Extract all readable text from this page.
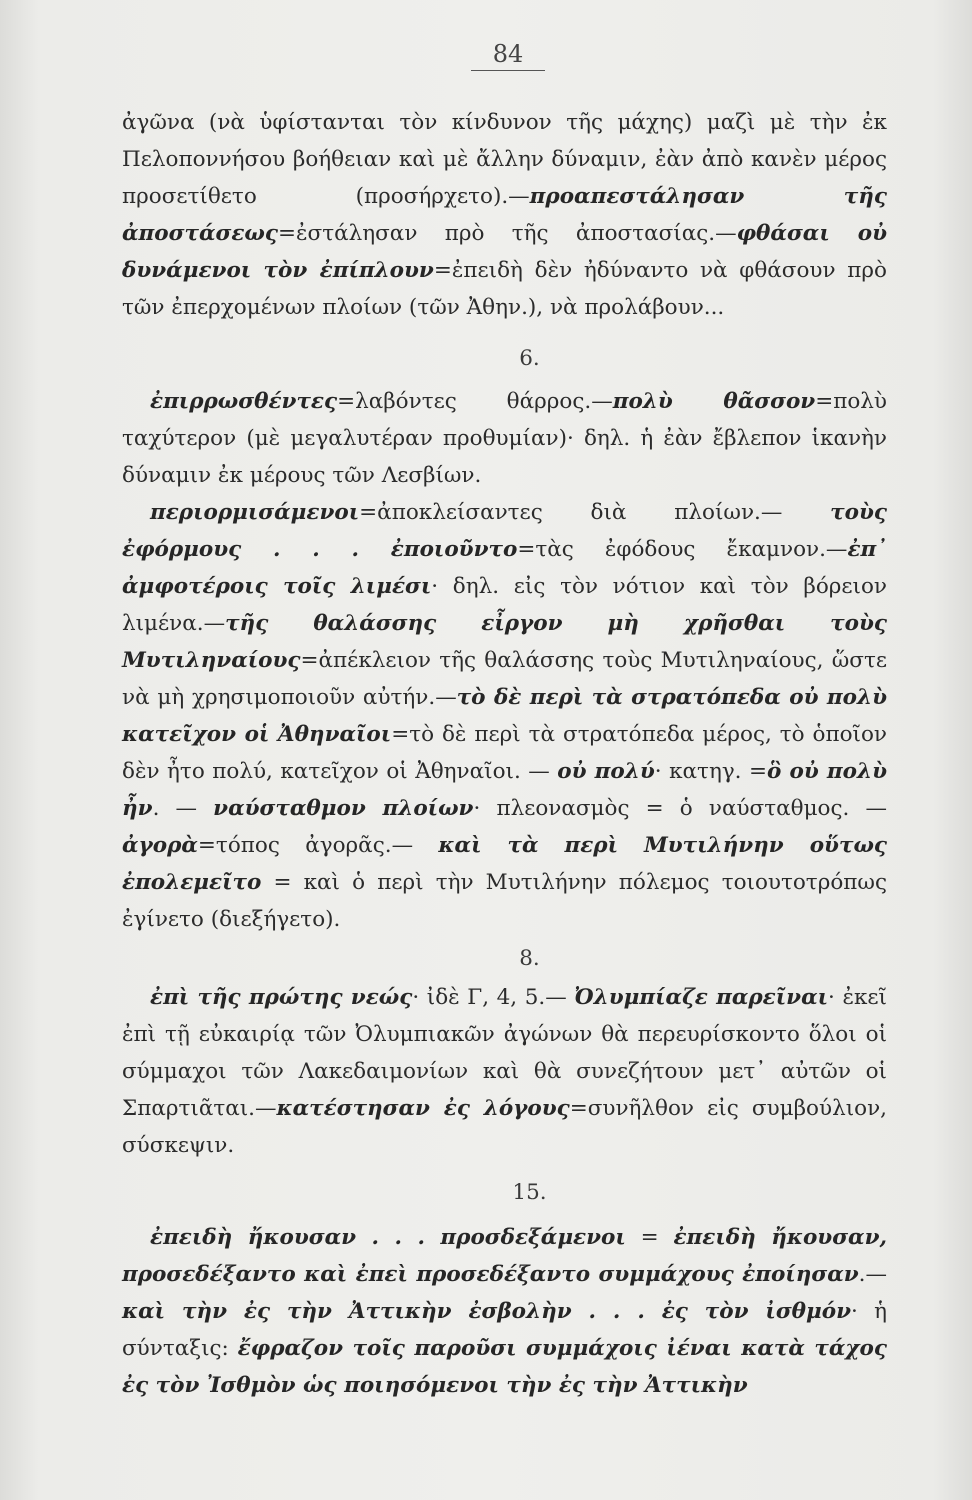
84

ἀγῶνα (νὰ ὑφίστανται τὸν κίνδυνον τῆς μάχης) μαζὶ μὲ τὴν ἐκ Πελοποννήσου βοήθειαν καὶ μὲ ἄλλην δύναμιν, ἐὰν ἀπὸ κανὲν μέρος προσετίθετο (προσήρχετο).—προαπεστάλησαν τῆς ἀποστάσεως=ἐστάλησαν πρὸ τῆς ἀποστασίας.—φθάσαι οὐ δυνάμενοι τὸν ἐπίπλουν=ἐπειδὴ δὲν ἠδύναντο νὰ φθάσουν πρὸ τῶν ἐπερχομένων πλοίων (τῶν Ἀθην.), νὰ προλάβουν...

6.

ἐπιρρωσθέντες=λαβόντες θάρρος.—πολὺ θᾶσσον=πολὺ ταχύτερον (μὲ μεγαλυτέραν προθυμίαν)· δηλ. ἡ ἐὰν ἔβλεπον ἱκανὴν δύναμιν ἐκ μέρους τῶν Λεσβίων.

περιορμισάμενοι=ἀποκλείσαντες διὰ πλοίων.— τοὺς ἐφόρμους . . . ἐποιοῦντο=τὰς ἐφόδους ἔκαμνον.—ἐπ᾽ ἀμφοτέροις τοῖς λιμέσι· δηλ. εἰς τὸν νότιον καὶ τὸν βόρειον λιμένα.—τῆς θαλάσσης εἶργον μὴ χρῆσθαι τοὺς Μυτιληναίους=ἀπέκλειον τῆς θαλάσσης τοὺς Μυτιληναίους, ὥστε νὰ μὴ χρησιμοποιοῦν αὐτήν.—τὸ δὲ περὶ τὰ στρατόπεδα οὐ πολὺ κατεῖχον οἱ Ἀθηναῖοι=τὸ δὲ περὶ τὰ στρατόπεδα μέρος, τὸ ὁποῖον δὲν ἦτο πολύ, κατεῖχον οἱ Ἀθηναῖοι. — οὐ πολύ· κατηγ. =ὃ οὐ πολὺ ἦν. — ναύσταθμον πλοίων· πλεονασμὸς = ὁ ναύσταθμος. — ἀγορὰ=τόπος ἀγορᾶς.— καὶ τὰ περὶ Μυτιλήνην οὕτως ἐπολεμεῖτο = καὶ ὁ περὶ τὴν Μυτιλήνην πόλεμος τοιουτοτρόπως ἐγίνετο (διεξήγετο).

8.

ἐπὶ τῆς πρώτης νεώς· ἰδὲ Γ, 4, 5.— Ὀλυμπίαζε παρεῖναι· ἐκεῖ ἐπὶ τῇ εὐκαιρίᾳ τῶν Ὀλυμπιακῶν ἀγώνων θὰ περευρίσκοντο ὅλοι οἱ σύμμαχοι τῶν Λακεδαιμονίων καὶ θὰ συνεζήτουν μετ᾽ αὐτῶν οἱ Σπαρτιᾶται.—κατέστησαν ἐς λόγους=συνῆλθον εἰς συμβούλιον, σύσκεψιν.

15.

ἐπειδὴ ἤκουσαν . . . προσδεξάμενοι = ἐπειδὴ ἤκουσαν, προσεδέξαντο καὶ ἐπεὶ προσεδέξαντο συμμάχους ἐποίησαν.— καὶ τὴν ἐς τὴν Ἀττικὴν ἐσβολὴν . . . ἐς τὸν ἰσθμόν· ἡ σύνταξις: ἔφραζον τοῖς παροῦσι συμμάχοις ἰέναι κατὰ τάχος ἐς τὸν Ἰσθμὸν ὡς ποιησόμενοι τὴν ἐς τὴν Ἀττικὴν
